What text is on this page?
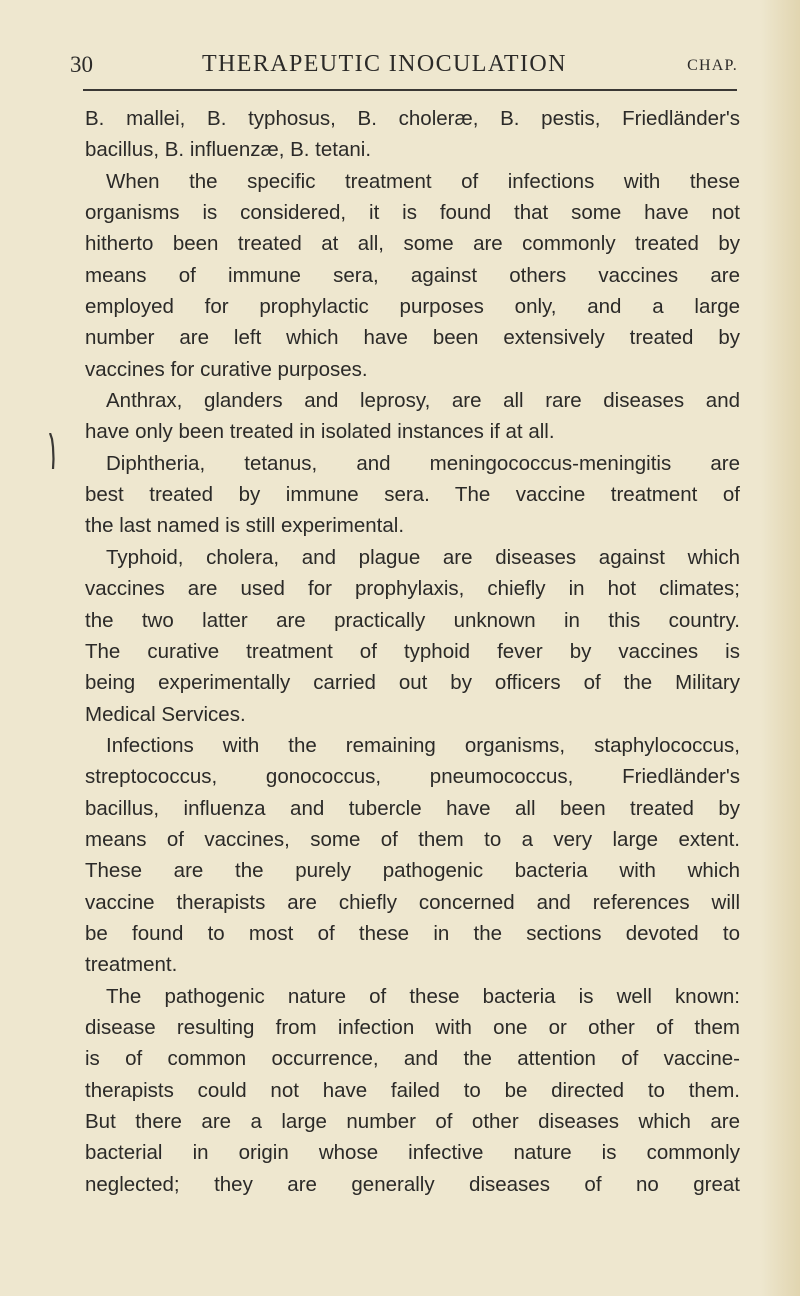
30	THERAPEUTIC INOCULATION	CHAP.
B. mallei, B. typhosus, B. choleræ, B. pestis, Friedländer's
bacillus, B. influenzæ, B. tetani.
When the specific treatment of infections with these
organisms is considered, it is found that some have not
hitherto been treated at all, some are commonly treated by
means of immune sera, against others vaccines are
employed for prophylactic purposes only, and a large
number are left which have been extensively treated by
vaccines for curative purposes.
Anthrax, glanders and leprosy, are all rare diseases and
have only been treated in isolated instances if at all.
Diphtheria, tetanus, and meningococcus-meningitis are
best treated by immune sera. The vaccine treatment of
the last named is still experimental.
Typhoid, cholera, and plague are diseases against which
vaccines are used for prophylaxis, chiefly in hot climates;
the two latter are practically unknown in this country.
The curative treatment of typhoid fever by vaccines is
being experimentally carried out by officers of the Military
Medical Services.
Infections with the remaining organisms, staphylococcus,
streptococcus, gonococcus, pneumococcus, Friedländer's
bacillus, influenza and tubercle have all been treated by
means of vaccines, some of them to a very large extent.
These are the purely pathogenic bacteria with which
vaccine therapists are chiefly concerned and references will
be found to most of these in the sections devoted to
treatment.
The pathogenic nature of these bacteria is well known:
disease resulting from infection with one or other of them
is of common occurrence, and the attention of vaccine-
therapists could not have failed to be directed to them.
But there are a large number of other diseases which are
bacterial in origin whose infective nature is commonly
neglected; they are generally diseases of no great
